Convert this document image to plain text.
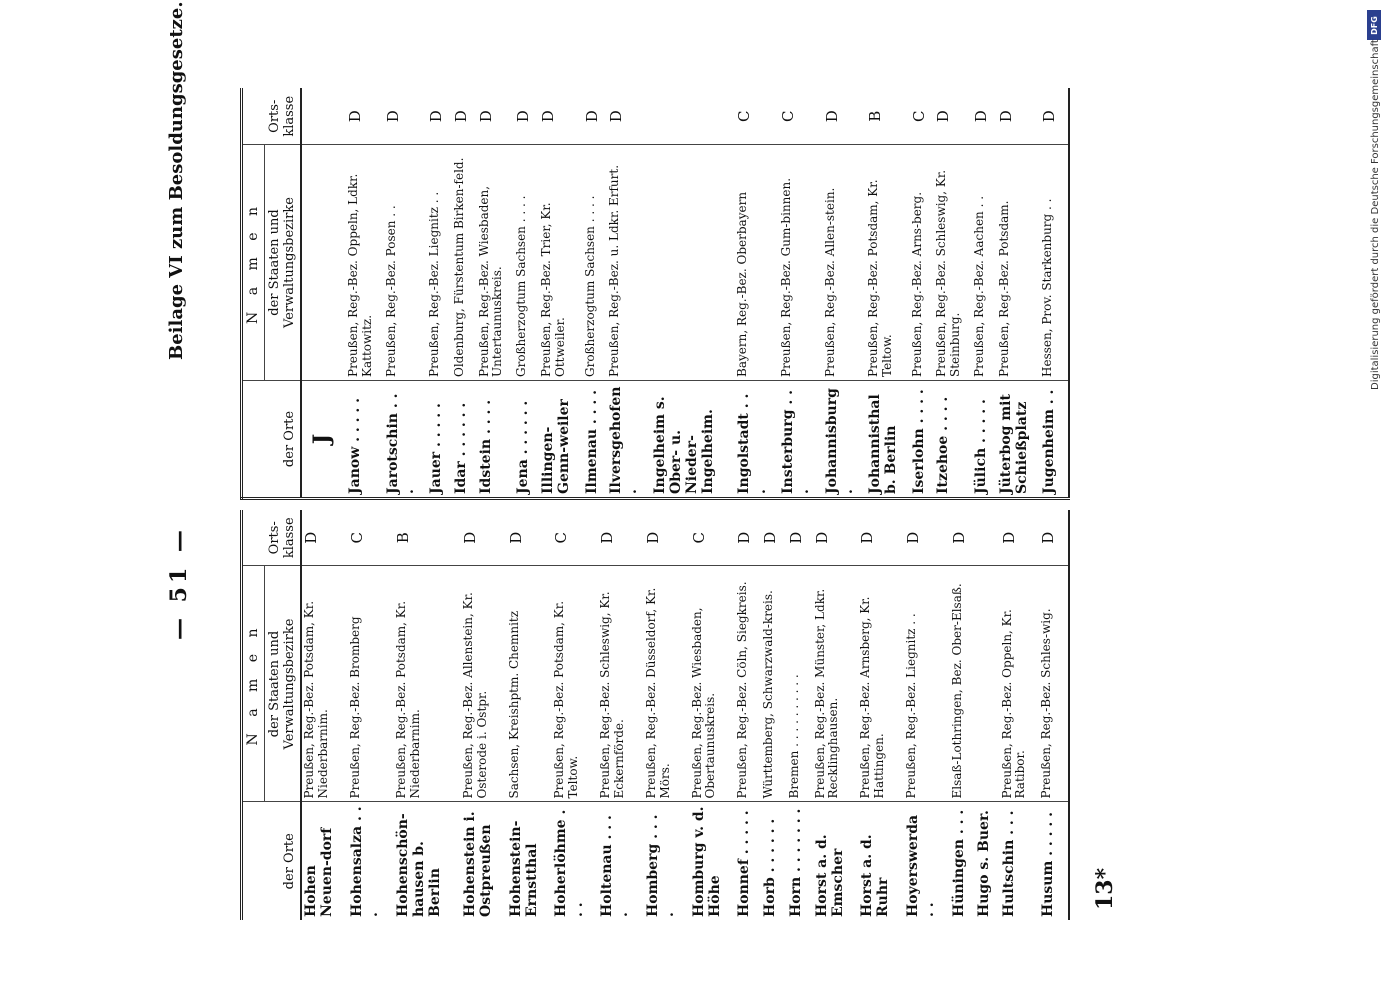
— 51 —
Beilage VI zum Besoldungsgesetze.
der Orte	N a m e n	Orts-klasse
	der Staaten und Verwaltungsbezirke	
Hohen Neuen-dorf	Preußen, Reg.-Bez. Potsdam, Kr. Niederbarnim.	D
Hohensalza . . .	Preußen, Reg.-Bez. Bromberg	C
Hohenschön-hausen b. Berlin	Preußen, Reg.-Bez. Potsdam, Kr. Niederbarnim.	B
Hohenstein i. Ostpreußen	Preußen, Reg.-Bez. Allenstein, Kr. Osterode i. Ostpr.	D
Hohenstein-Ernstthal	Sachsen, Kreishptm. Chemnitz	D
Hoherlöhme . . .	Preußen, Reg.-Bez. Potsdam, Kr. Teltow.	C
Holtenau . . . .	Preußen, Reg.-Bez. Schleswig, Kr. Eckernförde.	D
Homberg . . . .	Preußen, Reg.-Bez. Düsseldorf, Kr. Mörs.	D
Homburg v. d. Höhe	Preußen, Reg.-Bez. Wiesbaden, Obertaunuskreis.	C
Honnef . . . . .	Preußen, Reg.-Bez. Cöln, Siegkreis.	D
Horb . . . . . .	Württemberg, Schwarzwald-kreis.	D
Horn . . . . . . .	Bremen . . . . . . . . . .	D
Horst a. d. Emscher	Preußen, Reg.-Bez. Münster, Ldkr. Recklinghausen.	D
Horst a. d. Ruhr	Preußen, Reg.-Bez. Arnsberg, Kr. Hattingen.	D
Hoyerswerda . .	Preußen, Reg.-Bez. Liegnitz . .	D
Hüningen . . .	Elsaß-Lothringen, Bez. Ober-Elsaß.	D
Hugo s. Buer.		
Hultschin . . .	Preußen, Reg.-Bez. Oppeln, Kr. Ratibor.	D
Husum . . . . .	Preußen, Reg.-Bez. Schles-wig.	D

der Orte	N a m e n	Orts-klasse
	der Staaten und Verwaltungsbezirke	
J		
Janow . . . . .	Preußen, Reg.-Bez. Oppeln, Ldkr. Kattowitz.	D
Jarotschin . . .	Preußen, Reg.-Bez. Posen . .	D
Jauer . . . . .	Preußen, Reg.-Bez. Liegnitz . .	D
Idar . . . . . .	Oldenburg, Fürstentum Birken-feld.	D
Idstein . . . .	Preußen, Reg.-Bez. Wiesbaden, Untertaunuskreis.	D
Jena . . . . . .	Großherzogtum Sachsen . . . .	D
Illingen-Genn-weiler	Preußen, Reg.-Bez. Trier, Kr. Ottweiler.	D
Ilmenau . . . .	Großherzogtum Sachsen . . . .	D
Ilversgehofen .	Preußen, Reg.-Bez. u. Ldkr. Erfurt.	D
Ingelheim s. Ober- u. Nieder-Ingelheim.		
Ingolstadt . . .	Bayern, Reg.-Bez. Oberbayern	C
Insterburg . . .	Preußen, Reg.-Bez. Gum-binnen.	C
Johannisburg .	Preußen, Reg.-Bez. Allen-stein.	D
Johannisthal b. Berlin	Preußen, Reg.-Bez. Potsdam, Kr. Teltow.	B
Iserlohn . . . .	Preußen, Reg.-Bez. Arns-berg.	C
Itzehoe . . . .	Preußen, Reg.-Bez. Schleswig, Kr. Steinburg.	D
Jülich . . . . .	Preußen, Reg.-Bez. Aachen . .	D
Jüterbog mit Schießplatz	Preußen, Reg.-Bez. Potsdam.	D
Jugenheim . .	Hessen, Prov. Starkenburg . .	D

13*
DFG
Digitalisierung gefördert durch die Deutsche Forschungsgemeinschaft
